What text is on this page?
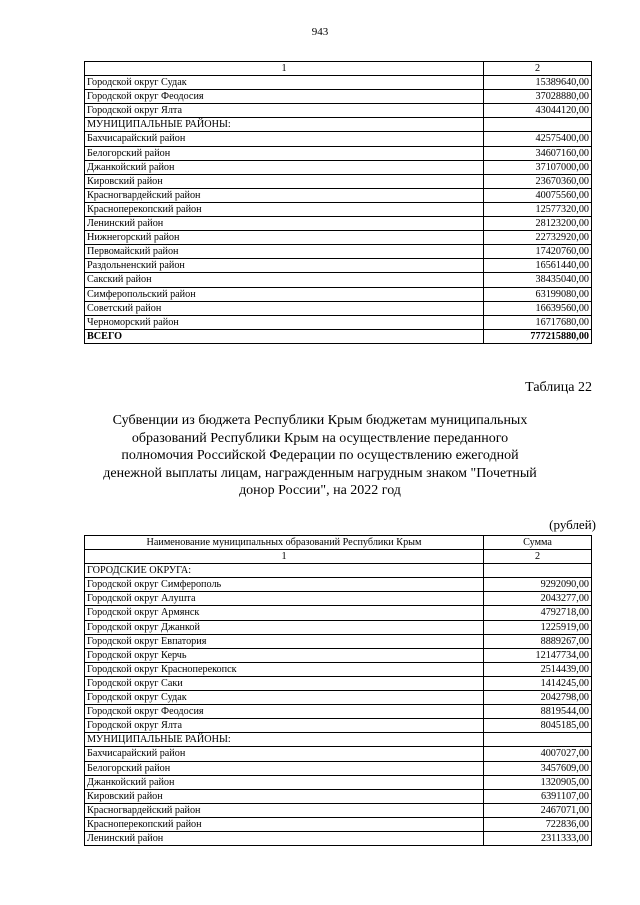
943
1	2
Городской округ Судак	15389640,00
Городской округ Феодосия	37028880,00
Городской округ Ялта	43044120,00
МУНИЦИПАЛЬНЫЕ РАЙОНЫ:	
Бахчисарайский район	42575400,00
Белогорский район	34607160,00
Джанкойский район	37107000,00
Кировский район	23670360,00
Красногвардейский район	40075560,00
Красноперекопский район	12577320,00
Ленинский район	28123200,00
Нижнегорский район	22732920,00
Первомайский район	17420760,00
Раздольненский район	16561440,00
Сакский район	38435040,00
Симферопольский район	63199080,00
Советский район	16639560,00
Черноморский район	16717680,00
ВСЕГО	777215880,00
Таблица 22
Субвенции из бюджета Республики Крым бюджетам муниципальных образований Республики Крым на осуществление переданного полномочия Российской Федерации по осуществлению ежегодной денежной выплаты лицам, награжденным нагрудным знаком "Почетный донор России", на 2022 год
(рублей)
Наименование муниципальных образований Республики Крым	Сумма
1	2
ГОРОДСКИЕ ОКРУГА:	
Городской округ Симферополь	9292090,00
Городской округ Алушта	2043277,00
Городской округ Армянск	4792718,00
Городской округ Джанкой	1225919,00
Городской округ Евпатория	8889267,00
Городской округ Керчь	12147734,00
Городской округ Красноперекопск	2514439,00
Городской округ Саки	1414245,00
Городской округ Судак	2042798,00
Городской округ Феодосия	8819544,00
Городской округ Ялта	8045185,00
МУНИЦИПАЛЬНЫЕ РАЙОНЫ:	
Бахчисарайский район	4007027,00
Белогорский район	3457609,00
Джанкойский район	1320905,00
Кировский район	6391107,00
Красногвардейский район	2467071,00
Красноперекопский район	722836,00
Ленинский район	2311333,00
